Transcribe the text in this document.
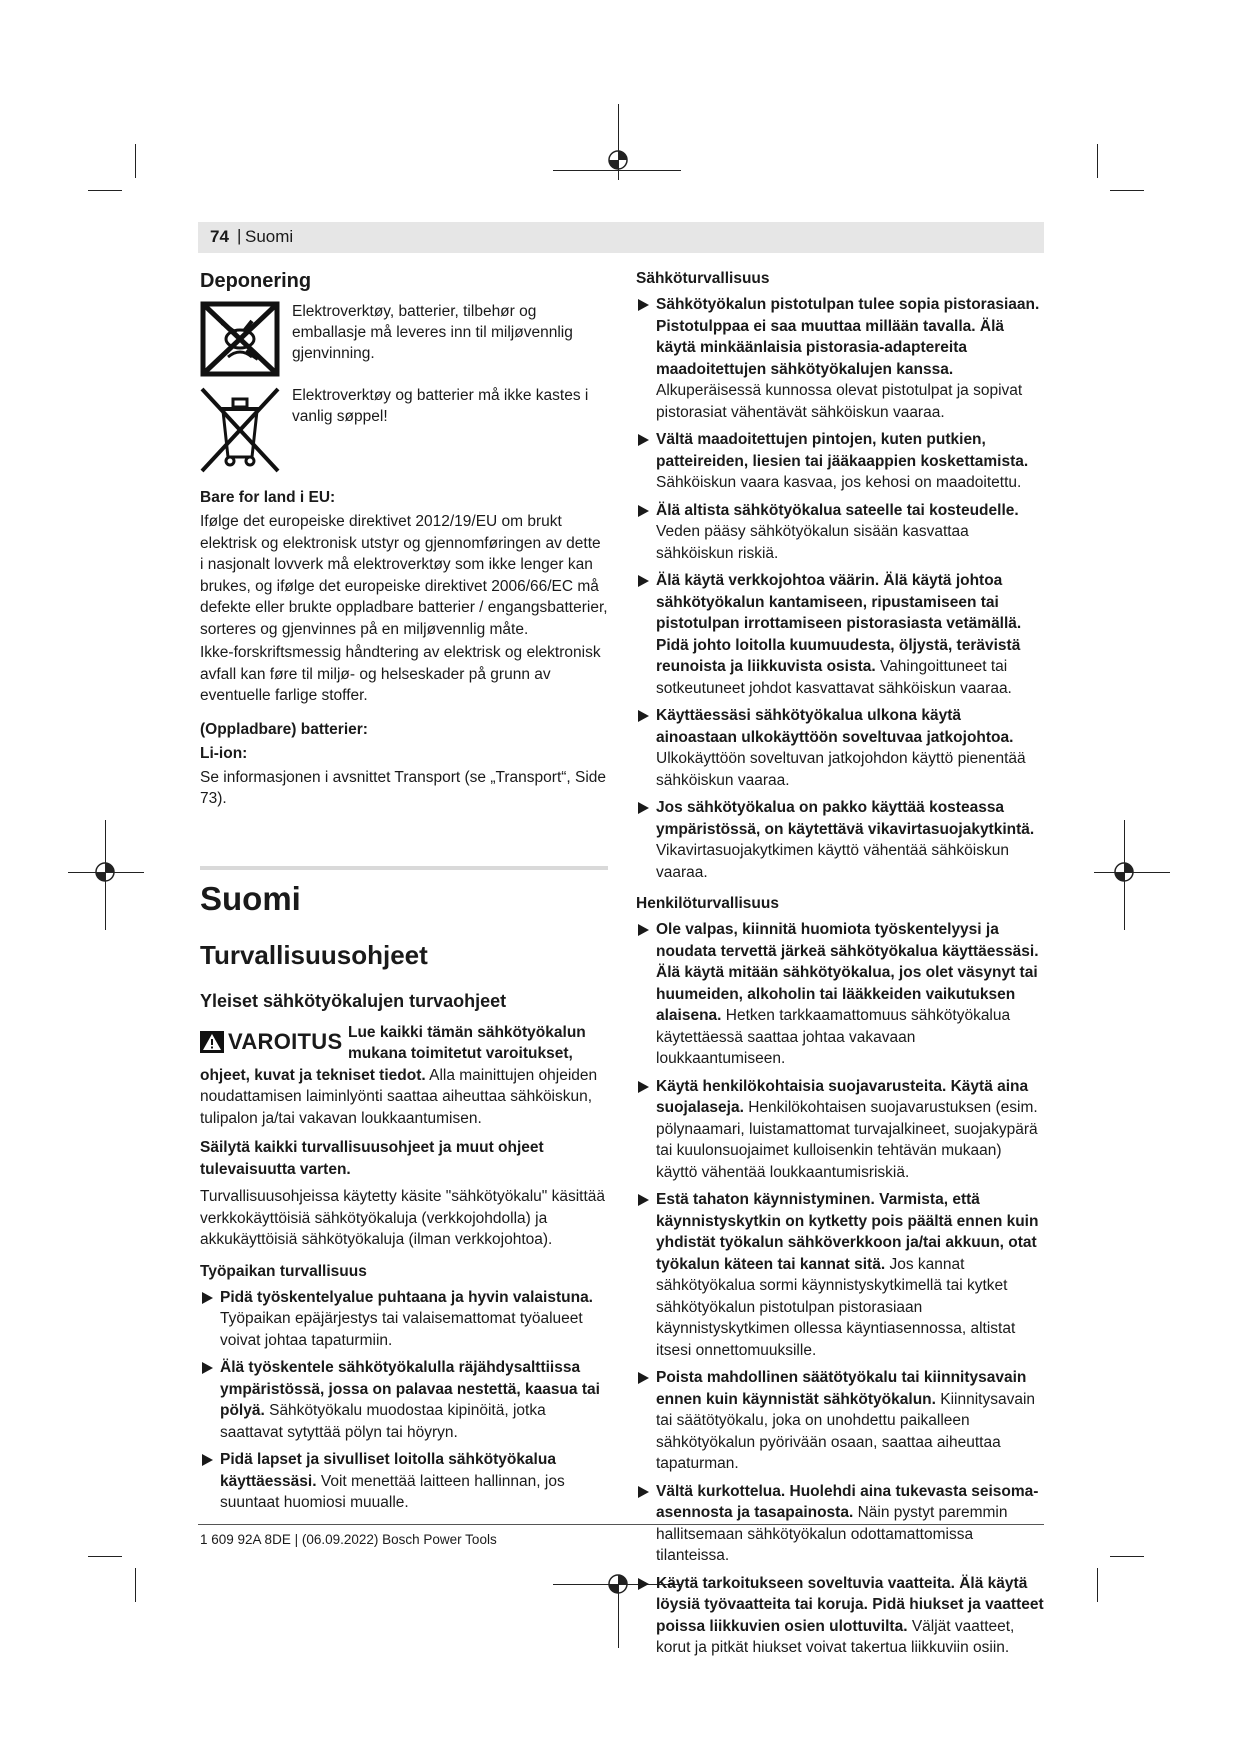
74 | Suomi
Deponering
Elektroverktøy, batterier, tilbehør og emballasje må leveres inn til miljøvennlig gjenvinning.
Elektroverktøy og batterier må ikke kastes i vanlig søppel!
Bare for land i EU:

Ifølge det europeiske direktivet 2012/19/EU om brukt elektrisk og elektronisk utstyr og gjennomføringen av dette i nasjonalt lovverk må elektroverktøy som ikke lenger kan brukes, og ifølge det europeiske direktivet 2006/66/EC må defekte eller brukte oppladbare batterier / engangsbatterier, sorteres og gjenvinnes på en miljøvennlig måte.

Ikke-forskriftsmessig håndtering av elektrisk og elektronisk avfall kan føre til miljø- og helseskader på grunn av eventuelle farlige stoffer.

(Oppladbare) batterier:
Li-ion:

Se informasjonen i avsnittet Transport (se „Transport“, Side 73).

Suomi
Turvallisuusohjeet
Yleiset sähkötyökalujen turvaohjeet
VAROITUS Lue kaikki tämän sähkötyökalun mukana toimitetut varoitukset, ohjeet, kuvat ja tekniset tiedot. Alla mainittujen ohjeiden noudattamisen laiminlyönti saattaa aiheuttaa sähköiskun, tulipalon ja/tai vakavan loukkaantumisen.
Säilytä kaikki turvallisuusohjeet ja muut ohjeet tulevaisuutta varten.

Turvallisuusohjeissa käytetty käsite "sähkötyökalu" käsittää verkkokäyttöisiä sähkötyökaluja (verkkojohdolla) ja akkukäyttöisiä sähkötyökaluja (ilman verkkojohtoa).

Työpaikan turvallisuus
Pidä työskentelyalue puhtaana ja hyvin valaistuna. Työpaikan epäjärjestys tai valaisemattomat työalueet voivat johtaa tapaturmiin.
Älä työskentele sähkötyökalulla räjähdysalttiissa ympäristössä, jossa on palavaa nestettä, kaasua tai pölyä. Sähkötyökalu muodostaa kipinöitä, jotka saattavat sytyttää pölyn tai höyryn.
Pidä lapset ja sivulliset loitolla sähkötyökalua käyttäessäsi. Voit menettää laitteen hallinnan, jos suuntaat huomiosi muualle.
Sähköturvallisuus
Sähkötyökalun pistotulpan tulee sopia pistorasiaan. Pistotulppaa ei saa muuttaa millään tavalla. Älä käytä minkäänlaisia pistorasia-adaptereita maadoitettujen sähkötyökalujen kanssa. Alkuperäisessä kunnossa olevat pistotulpat ja sopivat pistorasiat vähentävät sähköiskun vaaraa.
Vältä maadoitettujen pintojen, kuten putkien, patteireiden, liesien tai jääkaappien koskettamista. Sähköiskun vaara kasvaa, jos kehosi on maadoitettu.
Älä altista sähkötyökalua sateelle tai kosteudelle. Veden pääsy sähkötyökalun sisään kasvattaa sähköiskun riskiä.
Älä käytä verkkojohtoa väärin. Älä käytä johtoa sähkötyökalun kantamiseen, ripustamiseen tai pistotulpan irrottamiseen pistorasiasta vetämällä. Pidä johto loitolla kuumuudesta, öljystä, terävistä reunoista ja liikkuvista osista. Vahingoittuneet tai sotkeutuneet johdot kasvattavat sähköiskun vaaraa.
Käyttäessäsi sähkötyökalua ulkona käytä ainoastaan ulkokäyttöön soveltuvaa jatkojohtoa. Ulkokäyttöön soveltuvan jatkojohdon käyttö pienentää sähköiskun vaaraa.
Jos sähkötyökalua on pakko käyttää kosteassa ympäristössä, on käytettävä vikavirtasuojakytkintä. Vikavirtasuojakytkimen käyttö vähentää sähköiskun vaaraa.
Henkilöturvallisuus
Ole valpas, kiinnitä huomiota työskentelyysi ja noudata tervettä järkeä sähkötyökalua käyttäessäsi. Älä käytä mitään sähkötyökalua, jos olet väsynyt tai huumeiden, alkoholin tai lääkkeiden vaikutuksen alaisena. Hetken tarkkaamattomuus sähkötyökalua käytettäessä saattaa johtaa vakavaan loukkaantumiseen.
Käytä henkilökohtaisia suojavarusteita. Käytä aina suojalaseja. Henkilökohtaisen suojavarustuksen (esim. pölynaamari, luistamattomat turvajalkineet, suojakypärä tai kuulonsuojaimet kulloisenkin tehtävän mukaan) käyttö vähentää loukkaantumisriskiä.
Estä tahaton käynnistyminen. Varmista, että käynnistyskytkin on kytketty pois päältä ennen kuin yhdistät työkalun sähköverkkoon ja/tai akkuun, otat työkalun käteen tai kannat sitä. Jos kannat sähkötyökalua sormi käynnistyskytkimellä tai kytket sähkötyökalun pistotulpan pistorasiaan käynnistyskytkimen ollessa käyntiasennossa, altistat itsesi onnettomuuksille.
Poista mahdollinen säätötyökalu tai kiinnitysavain ennen kuin käynnistät sähkötyökalun. Kiinnitysavain tai säätötyökalu, joka on unohdettu paikalleen sähkötyökalun pyörivään osaan, saattaa aiheuttaa tapaturman.
Vältä kurkottelua. Huolehdi aina tukevasta seisoma-asennosta ja tasapainosta. Näin pystyt paremmin hallitsemaan sähkötyökalun odottamattomissa tilanteissa.
Käytä tarkoitukseen soveltuvia vaatteita. Älä käytä löysiä työvaatteita tai koruja. Pidä hiukset ja vaatteet poissa liikkuvien osien ulottuvilta. Väljät vaatteet, korut ja pitkät hiukset voivat takertua liikkuviin osiin.
1 609 92A 8DE | (06.09.2022) Bosch Power Tools
